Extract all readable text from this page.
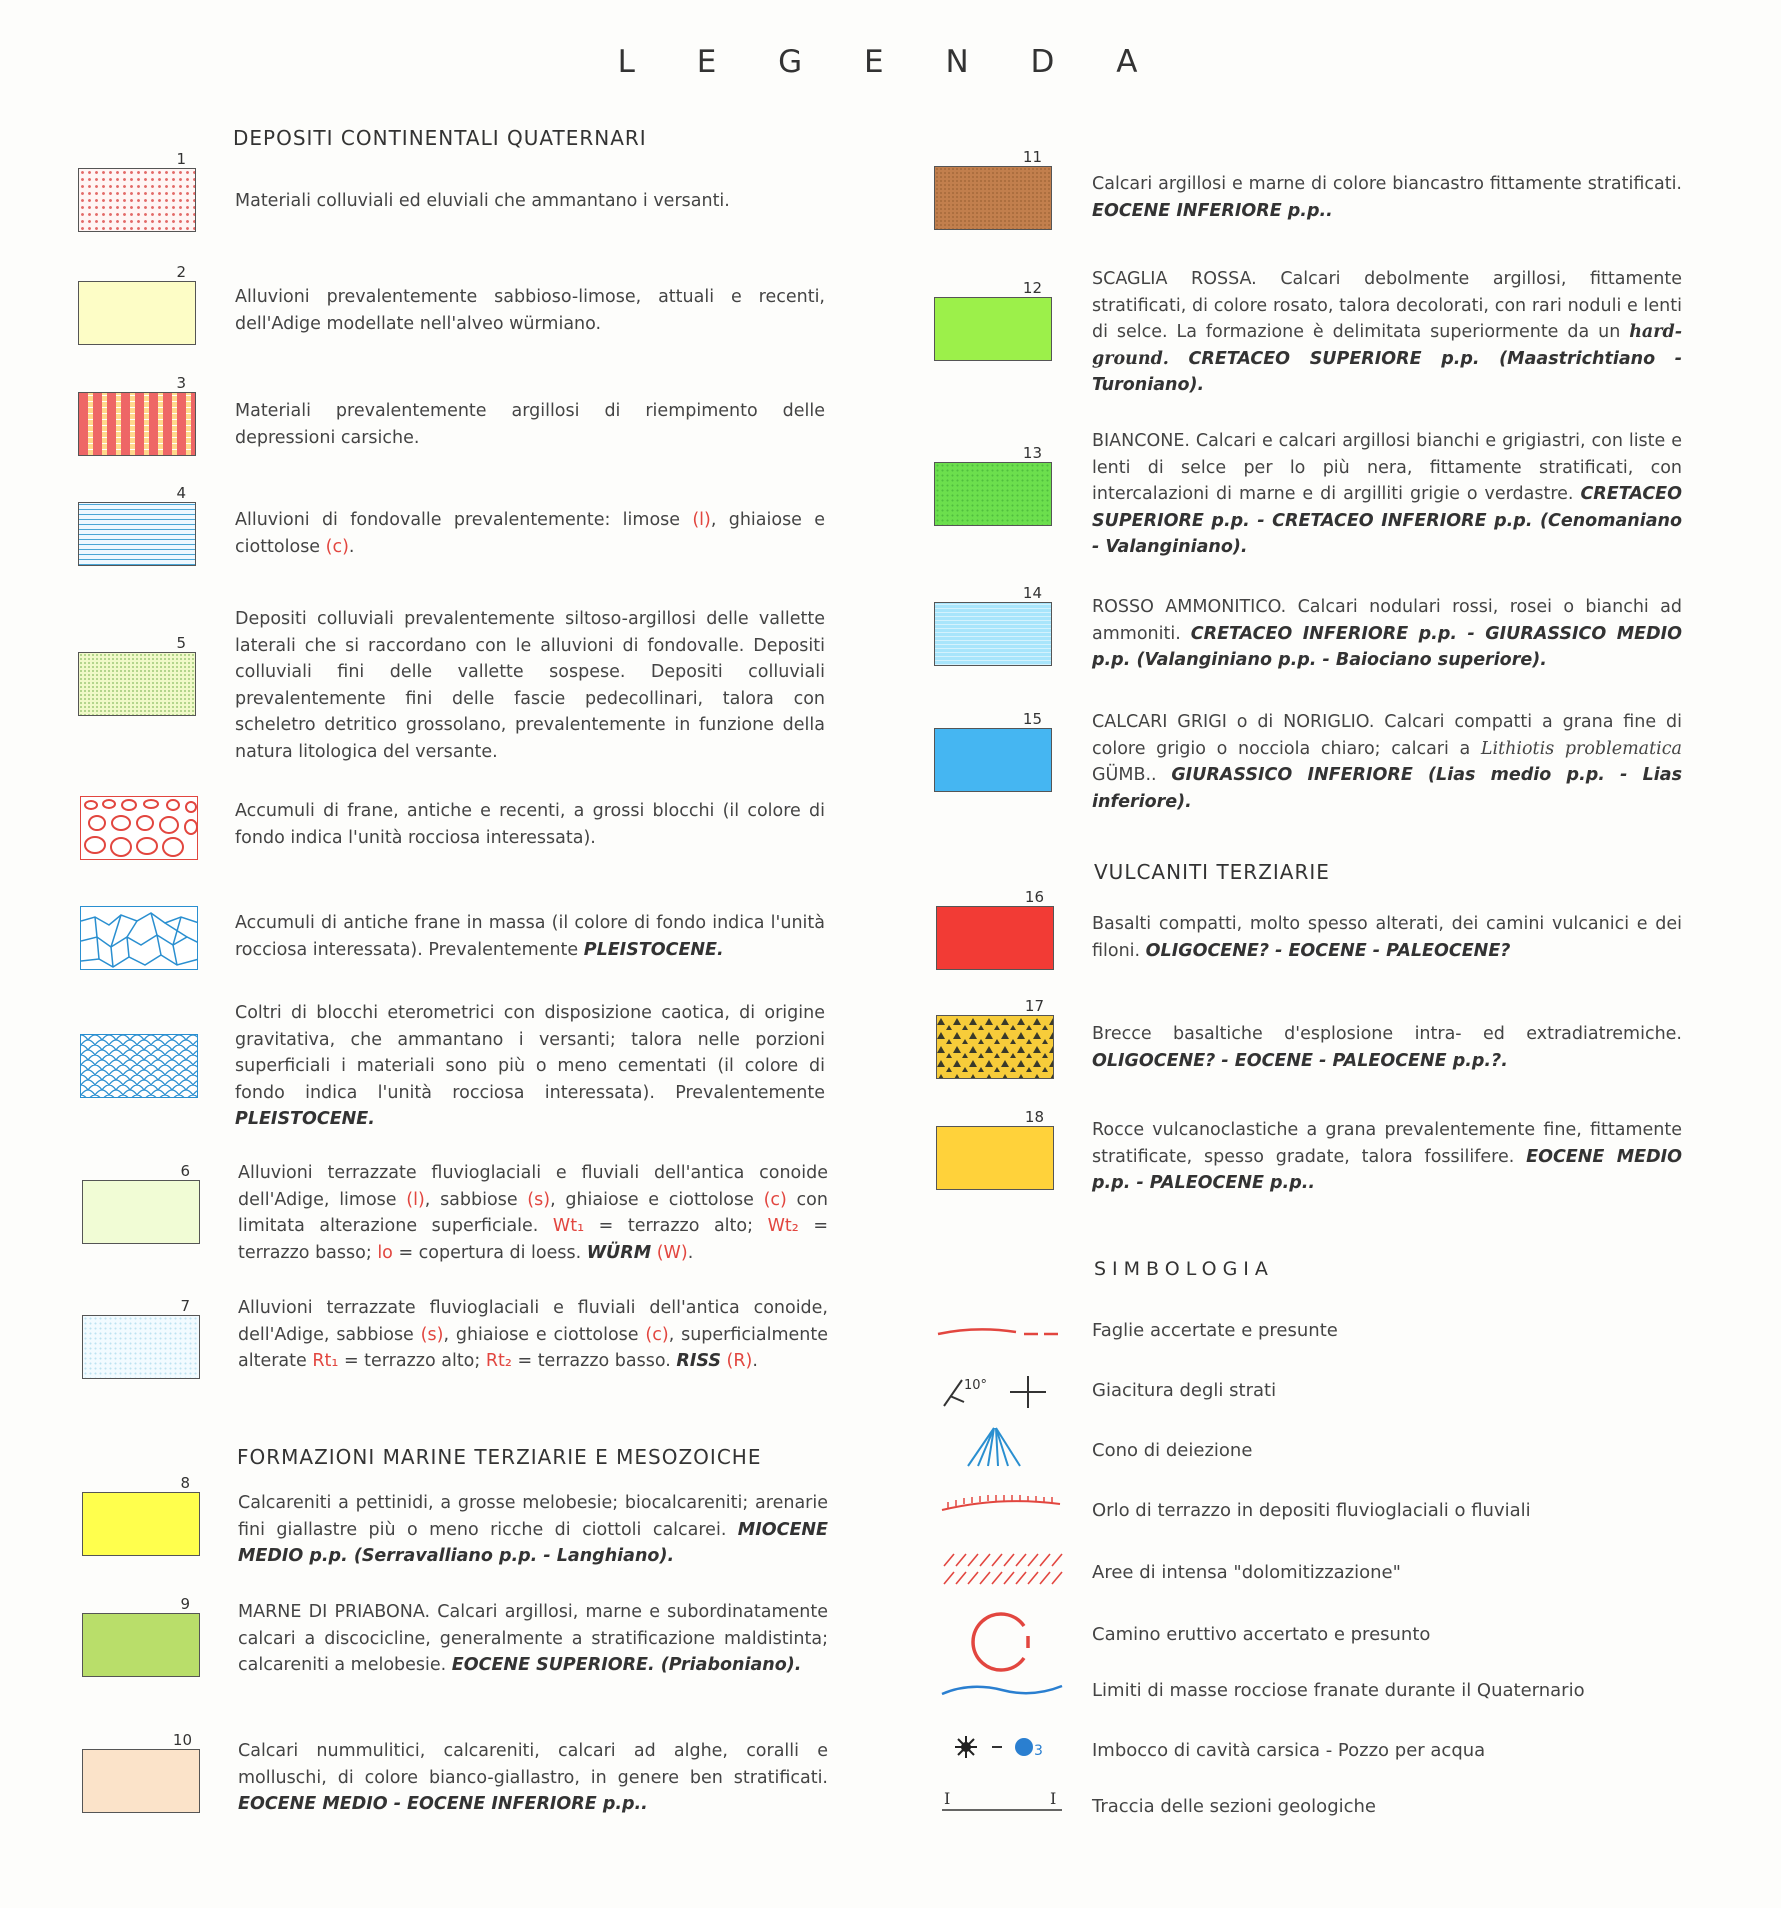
L E G E N D A
DEPOSITI CONTINENTALI QUATERNARI
1
Materiali colluviali ed eluviali che ammantano i versanti.
2
Alluvioni prevalentemente sabbioso-limose, attuali e recenti, dell'Adige modellate nell'alveo würmiano.
3
Materiali prevalentemente argillosi di riempimento delle depressioni carsiche.
4
Alluvioni di fondovalle prevalentemente: limose (l), ghiaiose e ciottolose (c).
5
Depositi colluviali prevalentemente siltoso-argillosi delle vallette laterali che si raccordano con le alluvioni di fondovalle. Depositi colluviali fini delle vallette sospese. Depositi colluviali prevalentemente fini delle fascie pedecollinari, talora con scheletro detritico grossolano, prevalentemente in funzione della natura litologica del versante.
Accumuli di frane, antiche e recenti, a grossi blocchi (il colore di fondo indica l'unità rocciosa interessata).
Accumuli di antiche frane in massa (il colore di fondo indica l'unità rocciosa interessata). Prevalentemente PLEISTOCENE.
Coltri di blocchi eterometrici con disposizione caotica, di origine gravitativa, che ammantano i versanti; talora nelle porzioni superficiali i materiali sono più o meno cementati (il colore di fondo indica l'unità rocciosa interessata). Prevalentemente PLEISTOCENE.
6	Alluvioni terrazzate fluvioglaciali e fluviali dell'antica conoide dell'Adige, limose (l), sabbiose (s), ghiaiose e ciottolose (c) con limitata alterazione superficiale. Wt₁ = terrazzo alto; Wt₂ = terrazzo basso; lo = copertura di loess. WÜRM (W).
7	Alluvioni terrazzate fluvioglaciali e fluviali dell'antica conoide, dell'Adige, sabbiose (s), ghiaiose e ciottolose (c), superficialmente alterate Rt₁ = terrazzo alto; Rt₂ = terrazzo basso. RISS (R).
FORMAZIONI MARINE TERZIARIE E MESOZOICHE
8
Calcareniti a pettinidi, a grosse melobesie; biocalcareniti; arenarie fini giallastre più o meno ricche di ciottoli calcarei. MIOCENE MEDIO p.p. (Serravalliano p.p. - Langhiano).
9	MARNE DI PRIABONA. Calcari argillosi, marne e subordinatamente calcari a discocicline, generalmente a stratificazione maldistinta; calcareniti a melobesie. EOCENE SUPERIORE. (Priaboniano).
10
Calcari nummulitici, calcareniti, calcari ad alghe, coralli e molluschi, di colore bianco-giallastro, in genere ben stratificati. EOCENE MEDIO - EOCENE INFERIORE p.p..
11
Calcari argillosi e marne di colore biancastro fittamente stratificati. EOCENE INFERIORE p.p..
12	SCAGLIA ROSSA. Calcari debolmente argillosi, fittamente stratificati, di colore rosato, talora decolorati, con rari noduli e lenti di selce. La formazione è delimitata superiormente da un hard-ground. CRETACEO SUPERIORE p.p. (Maastrichtiano - Turoniano).
13
BIANCONE. Calcari e calcari argillosi bianchi e grigiastri, con liste e lenti di selce per lo più nera, fittamente stratificati, con intercalazioni di marne e di argilliti grigie o verdastre. CRETACEO SUPERIORE p.p. - CRETACEO INFERIORE p.p. (Cenomaniano - Valanginiano).
14
ROSSO AMMONITICO. Calcari nodulari rossi, rosei o bianchi ad ammoniti. CRETACEO INFERIORE p.p. - GIURASSICO MEDIO p.p. (Valanginiano p.p. - Baiociano superiore).
15	CALCARI GRIGI o di NORIGLIO. Calcari compatti a grana fine di colore grigio o nocciola chiaro; calcari a Lithiotis problematica GÜMB.. GIURASSICO INFERIORE (Lias medio p.p. - Lias inferiore).
VULCANITI TERZIARIE
16
Basalti compatti, molto spesso alterati, dei camini vulcanici e dei filoni. OLIGOCENE? - EOCENE - PALEOCENE?
17
Brecce basaltiche d'esplosione intra- ed extradiatremiche. OLIGOCENE? - EOCENE - PALEOCENE p.p.?.
18
Rocce vulcanoclastiche a grana prevalentemente fine, fittamente stratificate, spesso gradate, talora fossilifere. EOCENE MEDIO p.p. - PALEOCENE p.p..
SIMBOLOGIA
Faglie accertate e presunte
10°	Giacitura degli strati
Cono di deiezione
Orlo di terrazzo in depositi fluvioglaciali o fluviali
Aree di intensa "dolomitizzazione"
Camino eruttivo accertato e presunto
Limiti di masse rocciose franate durante il Quaternario
3	Imbocco di cavità carsica - Pozzo per acqua
I	I Traccia delle sezioni geologiche
